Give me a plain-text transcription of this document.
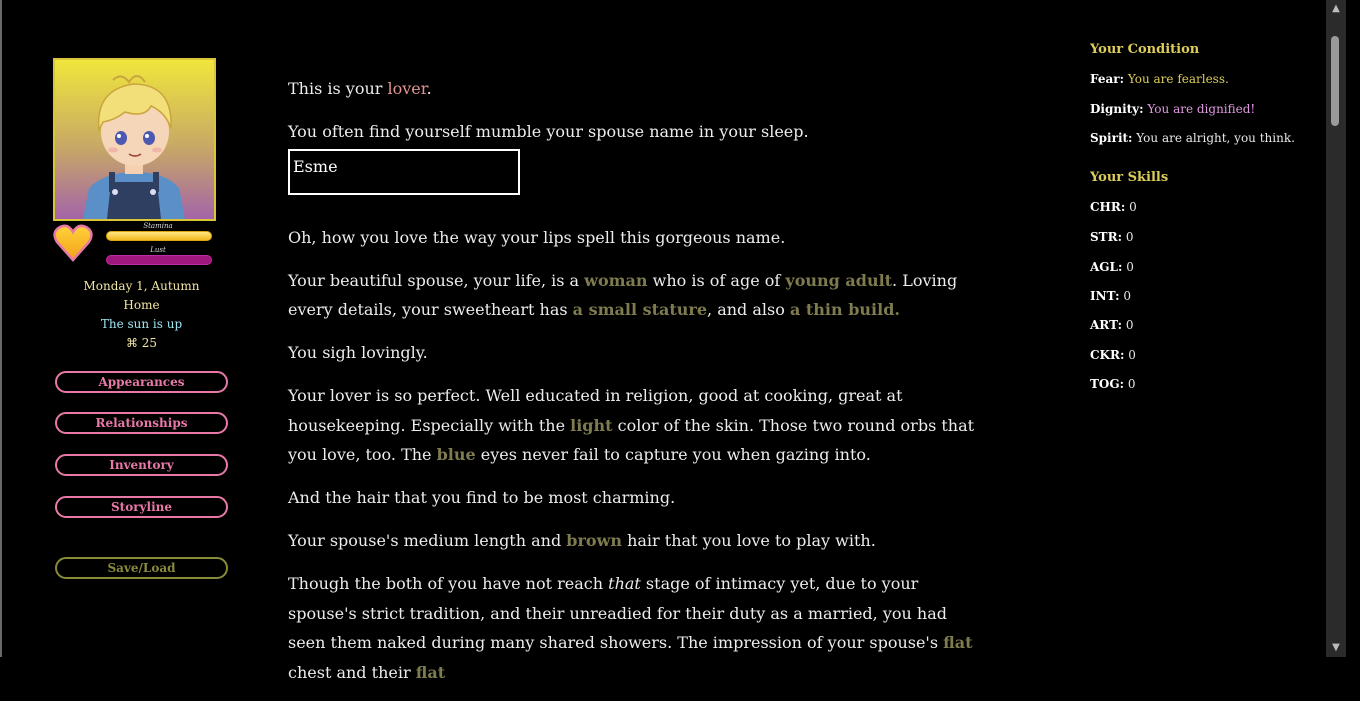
Stamina
Lust
Monday 1, Autumn
Home
The sun is up
⌘ 25
Appearances
Relationships
Inventory
Storyline
Save/Load

This is your lover.

You often find yourself mumble your spouse name in your sleep.

Esme

Oh, how you love the way your lips spell this gorgeous name.

Your beautiful spouse, your life, is a woman who is of age of young adult. Loving every details, your sweetheart has a small stature, and also a thin build.

You sigh lovingly.

Your lover is so perfect. Well educated in religion, good at cooking, great at housekeeping. Especially with the light color of the skin. Those two round orbs that you love, too. The blue eyes never fail to capture you when gazing into.

And the hair that you find to be most charming.

Your spouse's medium length and brown hair that you love to play with.

Though the both of you have not reach that stage of intimacy yet, due to your spouse's strict tradition, and their unreadied for their duty as a married, you had seen them naked during many shared showers. The impression of your spouse's flat chest and their flat

Your Condition
Fear: You are fearless.
Dignity: You are dignified!
Spirit: You are alright, you think.
Your Skills
CHR: 0
STR: 0
AGL: 0
INT: 0
ART: 0
CKR: 0
TOG: 0
▲
▼
